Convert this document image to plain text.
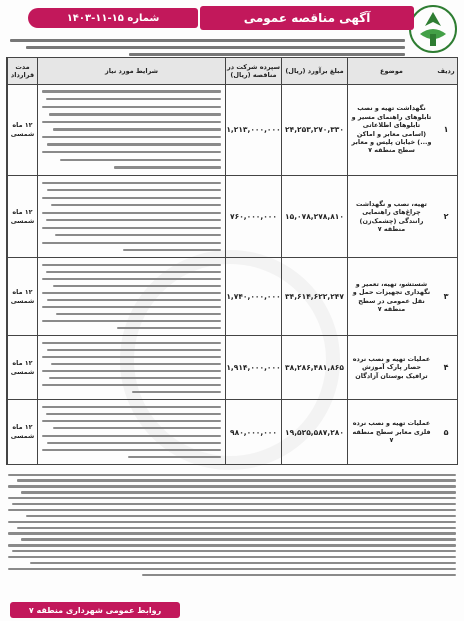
آگهی مناقصه عمومی
شماره ۱۵-۱۱-۱۴۰۳
ردیف
موضوع
مبلغ برآورد (ریال)
سپرده شرکت در مناقصه (ریال)
شرایط مورد نیاز
مدت قرارداد
۱
نگهداشت تهیه و نصب تابلوهای راهنمای مسیر و تابلوهای اطلاعاتی (اسامی معابر و اماکن و...) خیابان پلیس و معابر سطح منطقه ۷
۲۴,۲۵۳,۲۷۰,۳۳۰
۱,۲۱۳,۰۰۰,۰۰۰
۱۲ ماه شمسی
۲
تهیه، نصب و نگهداشت چراغ‌های راهنمایی رانندگی (چشمک‌زن) منطقه ۷
۱۵,۰۷۸,۲۷۸,۸۱۰
۷۶۰,۰۰۰,۰۰۰
۱۲ ماه شمسی
۳
شستشو، تهیه، تعمیر و نگهداری تجهیزات حمل و نقل عمومی در سطح منطقه ۷
۳۴,۶۱۴,۶۲۲,۲۴۷
۱,۷۴۰,۰۰۰,۰۰۰
۱۲ ماه شمسی
۴
عملیات تهیه و نصب نرده حصار پارک آموزش ترافیک بوستان آزادگان
۳۸,۲۸۶,۴۸۱,۸۶۵
۱,۹۱۴,۰۰۰,۰۰۰
۱۲ ماه شمسی
۵
عملیات تهیه و نصب نرده فلزی معابر سطح منطقه ۷
۱۹,۵۲۵,۵۸۷,۲۸۰
۹۸۰,۰۰۰,۰۰۰
۱۲ ماه شمسی
روابط عمومی شهرداری منطقه ۷
